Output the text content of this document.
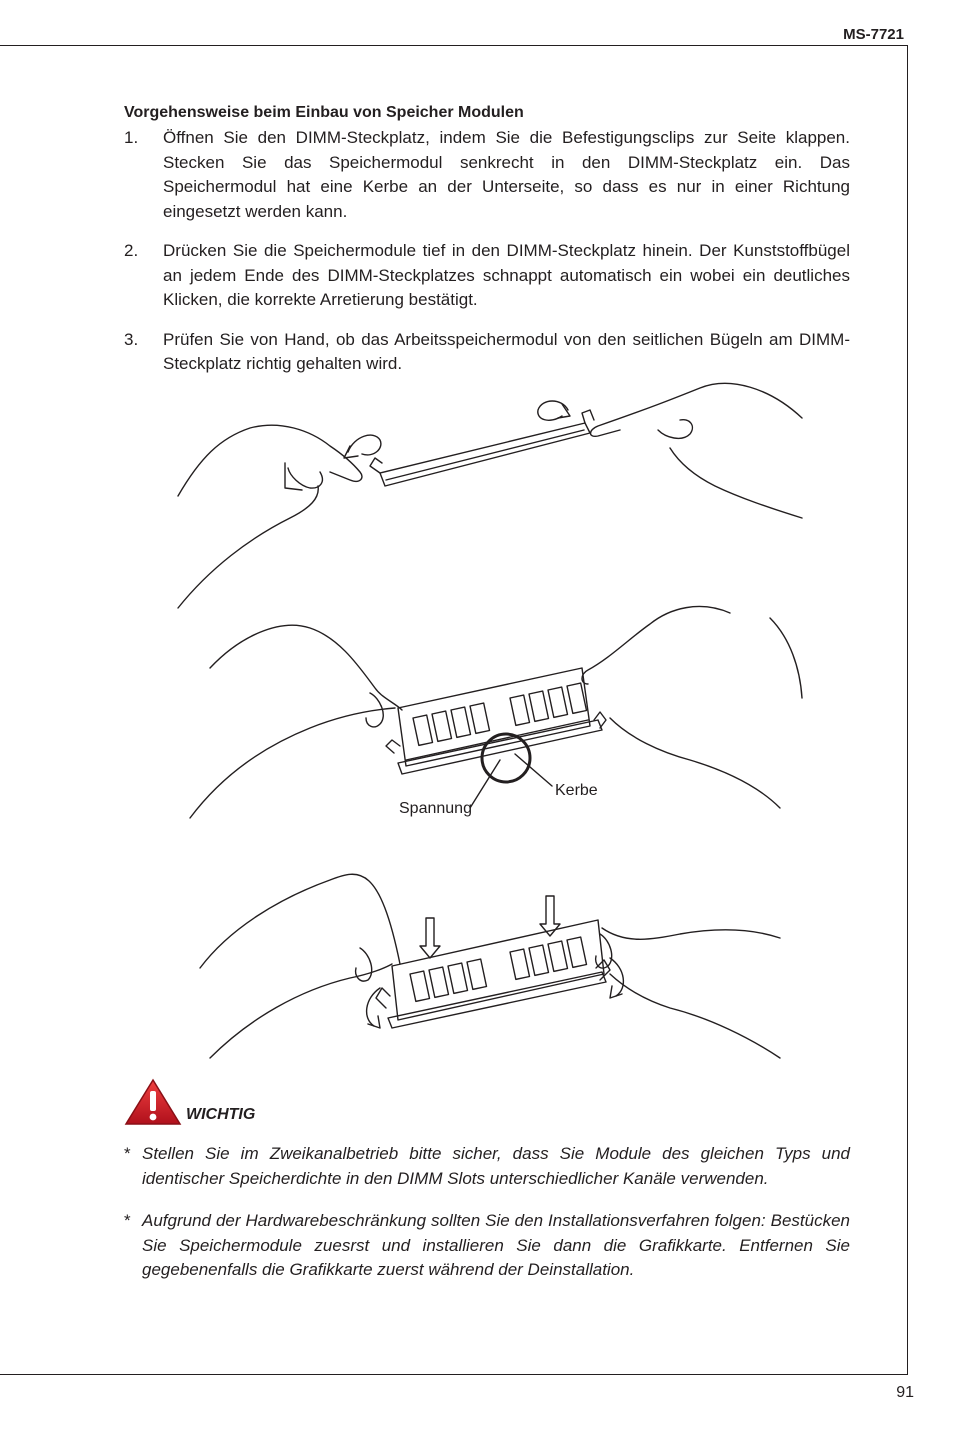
MS-7721
Vorgehensweise beim Einbau von Speicher Modulen
1.	Öffnen Sie den DIMM-Steckplatz, indem Sie die Befestigungsclips zur Seite klappen. Stecken Sie das Speichermodul senkrecht in den DIMM-Steckplatz ein. Das Speichermodul hat eine Kerbe an der Unterseite, so dass es nur in einer Richtung eingesetzt werden kann.
2.	Drücken Sie die Speichermodule tief in den DIMM-Steckplatz hinein. Der Kunststoffbügel an jedem Ende des DIMM-Steckplatzes schnappt automatisch ein wobei ein deutliches Klicken, die korrekte Arretierung bestätigt.
3.	Prüfen Sie von Hand, ob das Arbeitsspeichermodul von den seitlichen Bügeln am DIMM-Steckplatz richtig gehalten wird.
Kerbe
Spannung
WICHTIG
* Stellen Sie im Zweikanalbetrieb bitte sicher, dass Sie Module des gleichen Typs und identischer Speicherdichte in den DIMM Slots unterschiedlicher Kanäle verwenden.
* Aufgrund der Hardwarebeschränkung sollten Sie den Installationsverfahren folgen: Bestücken Sie Speichermodule zuesrst und installieren Sie dann die Grafikkarte. Entfernen Sie gegebenenfalls die Grafikkarte zuerst während der Deinstallation.
91
